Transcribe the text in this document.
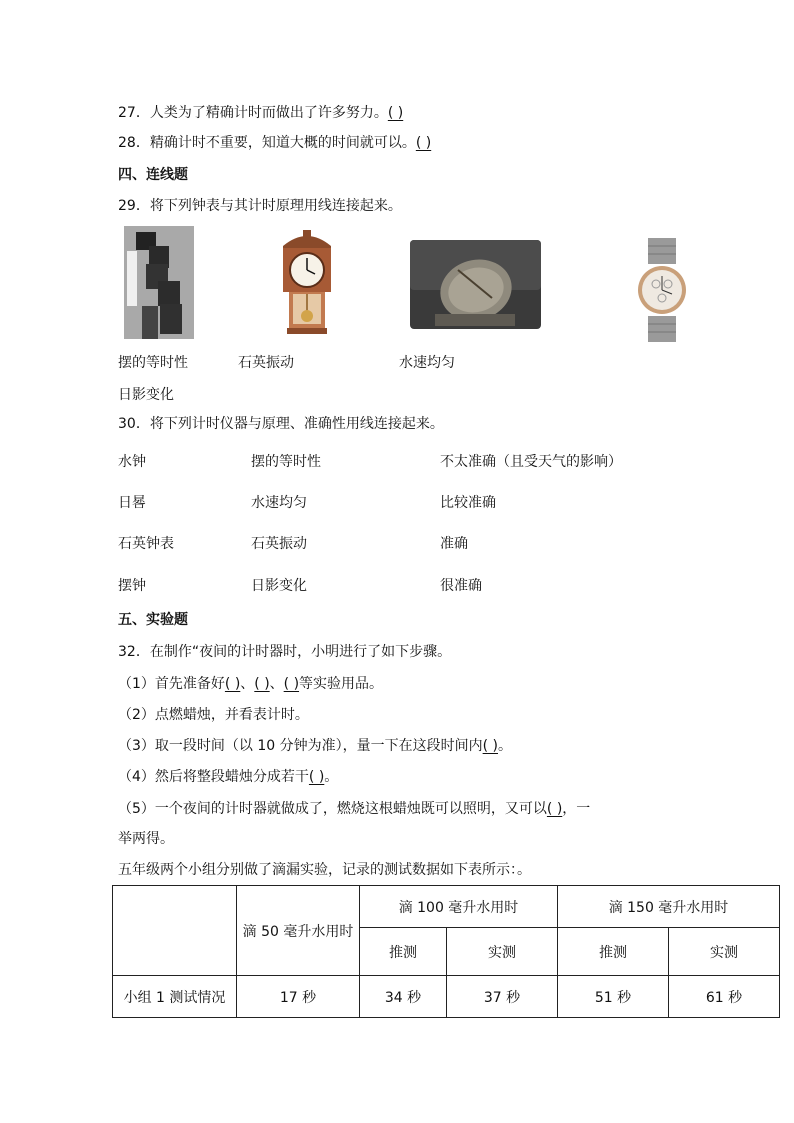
27．人类为了精确计时而做出了许多努力。( )
28．精确计时不重要，知道大概的时间就可以。( )
四、连线题
29．将下列钟表与其计时原理用线连接起来。
摆的等时性	石英振动	水速均匀
日影变化
30．将下列计时仪器与原理、准确性用线连接起来。
水钟	摆的等时性	不太准确（且受天气的影响）
日晷	水速均匀	比较准确
石英钟表	石英振动	准确
摆钟	日影变化	很准确
五、实验题
32．在制作“夜间的计时器时，小明进行了如下步骤。
（1）首先准备好( )、( )、( )等实验用品。
（2）点燃蜡烛，并看表计时。
（3）取一段时间（以 10 分钟为准），量一下在这段时间内( )。
（4）然后将整段蜡烛分成若干( )。
（5）一个夜间的计时器就做成了，燃烧这根蜡烛既可以照明，又可以( )，一
举两得。
五年级两个小组分别做了滴漏实验，记录的测试数据如下表所示：。
	滴 50 毫升水用时	滴 100 毫升水用时		滴 150 毫升水用时	
		推测	实测	推测	实测
小组 1 测试情况	17 秒	34 秒	37 秒	51 秒	61 秒
